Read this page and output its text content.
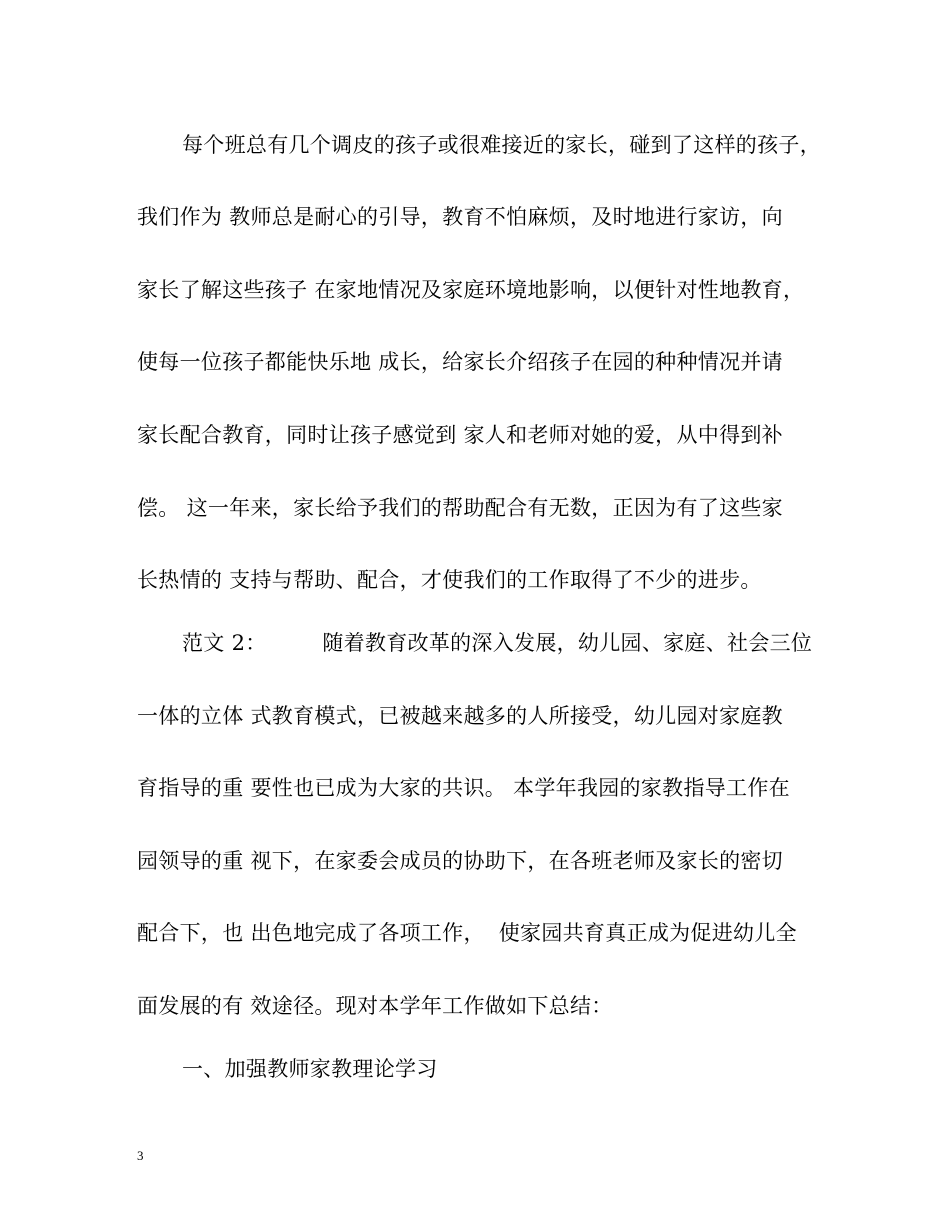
每个班总有几个调皮的孩子或很难接近的家长，碰到了这样的孩子，
我们作为 教师总是耐心的引导，教育不怕麻烦，及时地进行家访，向
家长了解这些孩子 在家地情况及家庭环境地影响，以便针对性地教育，
使每一位孩子都能快乐地 成长，给家长介绍孩子在园的种种情况并请
家长配合教育，同时让孩子感觉到 家人和老师对她的爱，从中得到补
偿。 这一年来，家长给予我们的帮助配合有无数，正因为有了这些家
长热情的 支持与帮助、配合，才使我们的工作取得了不少的进步。
范文 2：        随着教育改革的深入发展，幼儿园、家庭、社会三位
一体的立体 式教育模式，已被越来越多的人所接受，幼儿园对家庭教
育指导的重 要性也已成为大家的共识。 本学年我园的家教指导工作在
园领导的重 视下，在家委会成员的协助下，在各班老师及家长的密切
配合下，也 出色地完成了各项工作，  使家园共育真正成为促进幼儿全
面发展的有 效途径。现对本学年工作做如下总结：
一、加强教师家教理论学习
3
